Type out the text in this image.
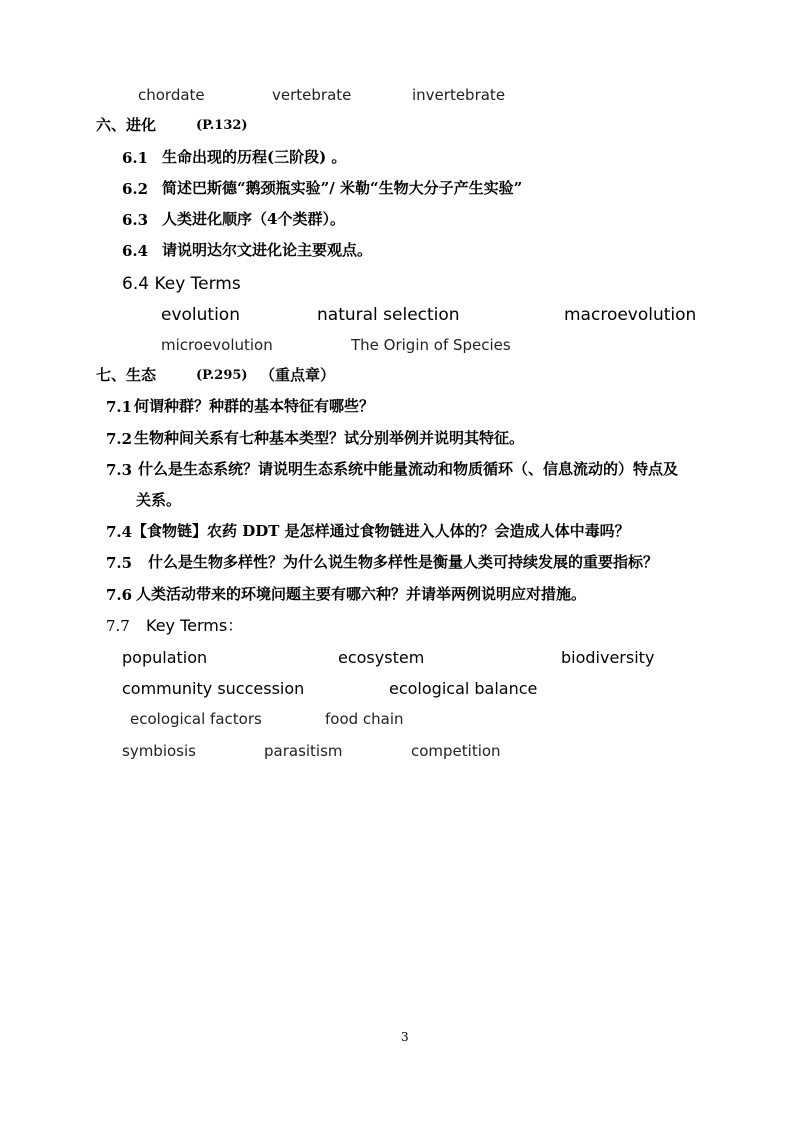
chordate	vertebrate	invertebrate
六、进化	(P.132)
6.1 生命出现的历程(三阶段) 。
6.2 简述巴斯德“鹅颈瓶实验”/ 米勒“生物大分子产生实验”
6.3 人类进化顺序（4个类群）。
6.4 请说明达尔文进化论主要观点。
6.4 Key Terms
evolution	natural selection	macroevolution
microevolution	The Origin of Species
七、生态	(P.295) （重点章）
7.1 何谓种群？种群的基本特征有哪些？
7.2 生物种间关系有七种基本类型？试分别举例并说明其特征。
7.3 什么是生态系统？请说明生态系统中能量流动和物质循环（、信息流动的）特点及
关系。
7.4 【食物链】农药 DDT 是怎样通过食物链进入人体的？会造成人体中毒吗？
7.5 什么是生物多样性？为什么说生物多样性是衡量人类可持续发展的重要指标？
7.6 人类活动带来的环境问题主要有哪六种？并请举两例说明应对措施。
7.7 Key Terms：
population	ecosystem	biodiversity
community succession	ecological balance
ecological factors	food chain
symbiosis	parasitism	competition
3
